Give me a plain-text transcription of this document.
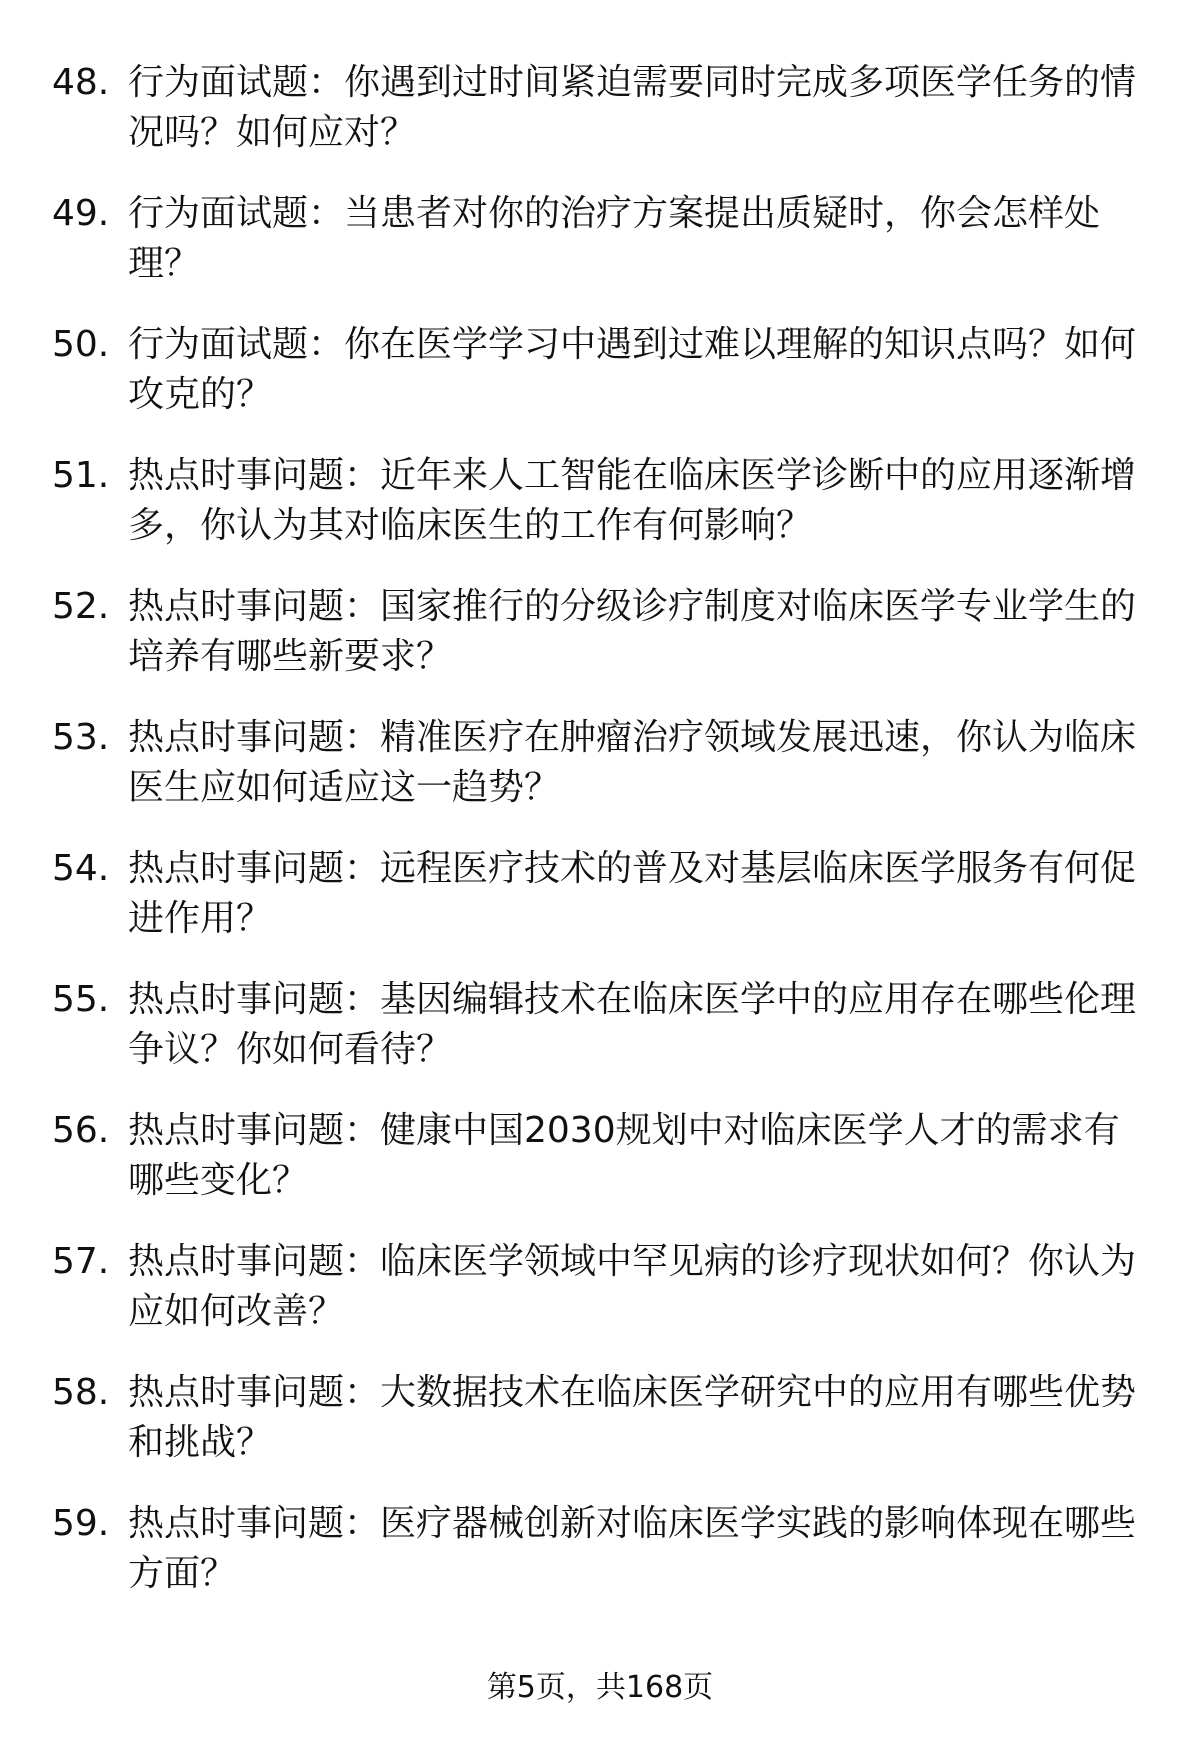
48. 行为面试题：你遇到过时间紧迫需要同时完成多项医学任务的情况吗？如何应对？
49. 行为面试题：当患者对你的治疗方案提出质疑时，你会怎样处理？
50. 行为面试题：你在医学学习中遇到过难以理解的知识点吗？如何攻克的？
51. 热点时事问题：近年来人工智能在临床医学诊断中的应用逐渐增多，你认为其对临床医生的工作有何影响？
52. 热点时事问题：国家推行的分级诊疗制度对临床医学专业学生的培养有哪些新要求？
53. 热点时事问题：精准医疗在肿瘤治疗领域发展迅速，你认为临床医生应如何适应这一趋势？
54. 热点时事问题：远程医疗技术的普及对基层临床医学服务有何促进作用？
55. 热点时事问题：基因编辑技术在临床医学中的应用存在哪些伦理争议？你如何看待？
56. 热点时事问题：健康中国2030规划中对临床医学人才的需求有哪些变化？
57. 热点时事问题：临床医学领域中罕见病的诊疗现状如何？你认为应如何改善？
58. 热点时事问题：大数据技术在临床医学研究中的应用有哪些优势和挑战？
59. 热点时事问题：医疗器械创新对临床医学实践的影响体现在哪些方面？
第5页，共168页
